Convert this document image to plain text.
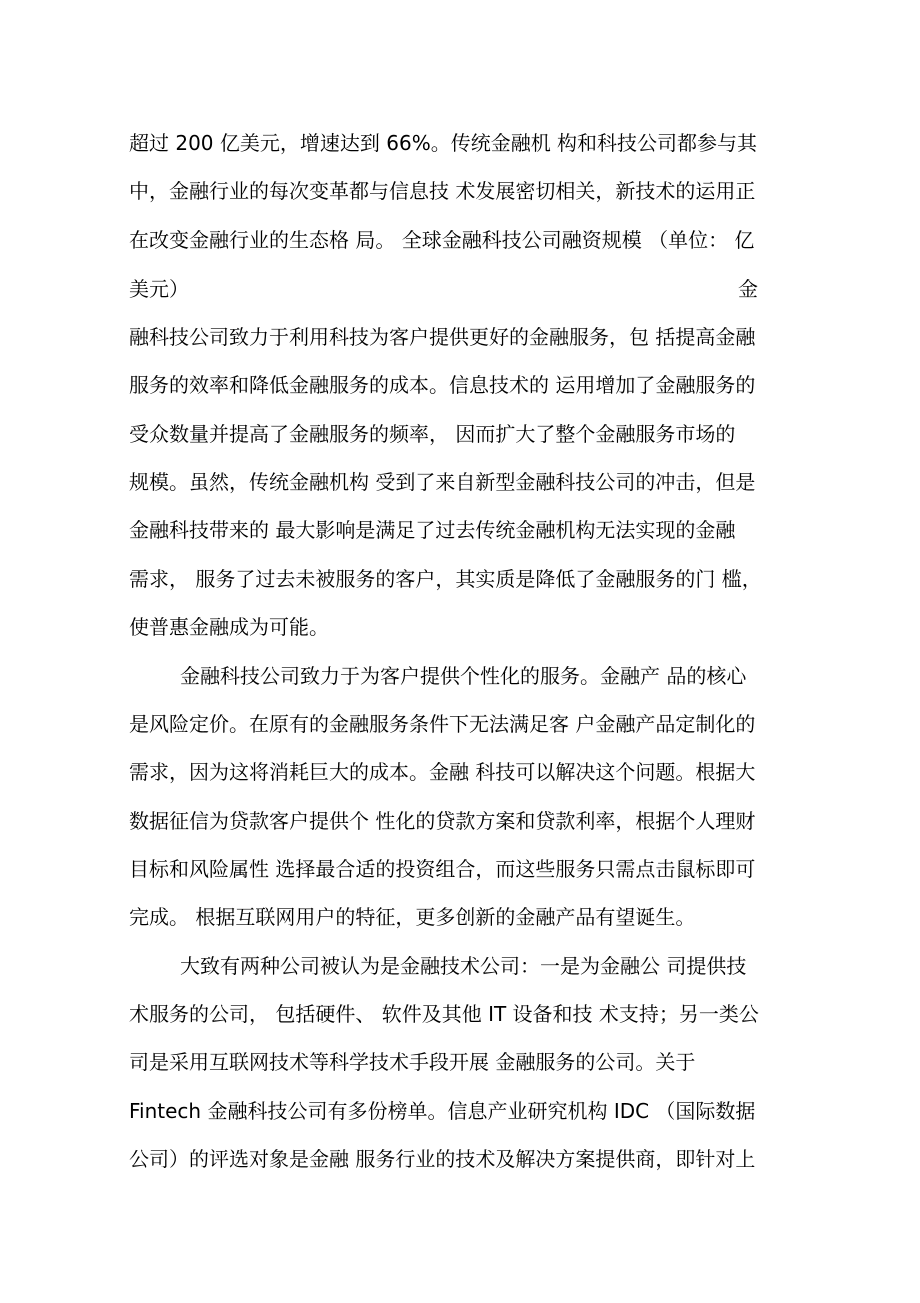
超过 200 亿美元，增速达到 66%。传统金融机 构和科技公司都参与其
中，金融行业的每次变革都与信息技 术发展密切相关，新技术的运用正
在改变金融行业的生态格 局。 全球金融科技公司融资规模 （单位： 亿
美元）	金
融科技公司致力于利用科技为客户提供更好的金融服务，包 括提高金融
服务的效率和降低金融服务的成本。信息技术的 运用增加了金融服务的
受众数量并提高了金融服务的频率， 因而扩大了整个金融服务市场的
规模。虽然，传统金融机构 受到了来自新型金融科技公司的冲击，但是
金融科技带来的 最大影响是满足了过去传统金融机构无法实现的金融
需求， 服务了过去未被服务的客户，其实质是降低了金融服务的门 槛，
使普惠金融成为可能。
金融科技公司致力于为客户提供个性化的服务。金融产 品的核心
是风险定价。在原有的金融服务条件下无法满足客 户金融产品定制化的
需求，因为这将消耗巨大的成本。金融 科技可以解决这个问题。根据大
数据征信为贷款客户提供个 性化的贷款方案和贷款利率，根据个人理财
目标和风险属性 选择最合适的投资组合，而这些服务只需点击鼠标即可
完成。 根据互联网用户的特征，更多创新的金融产品有望诞生。
大致有两种公司被认为是金融技术公司：一是为金融公 司提供技
术服务的公司， 包括硬件、 软件及其他 IT 设备和技 术支持；另一类公
司是采用互联网技术等科学技术手段开展 金融服务的公司。关于
Fintech 金融科技公司有多份榜单。信息产业研究机构 IDC （国际数据
公司）的评选对象是金融 服务行业的技术及解决方案提供商，即针对上
